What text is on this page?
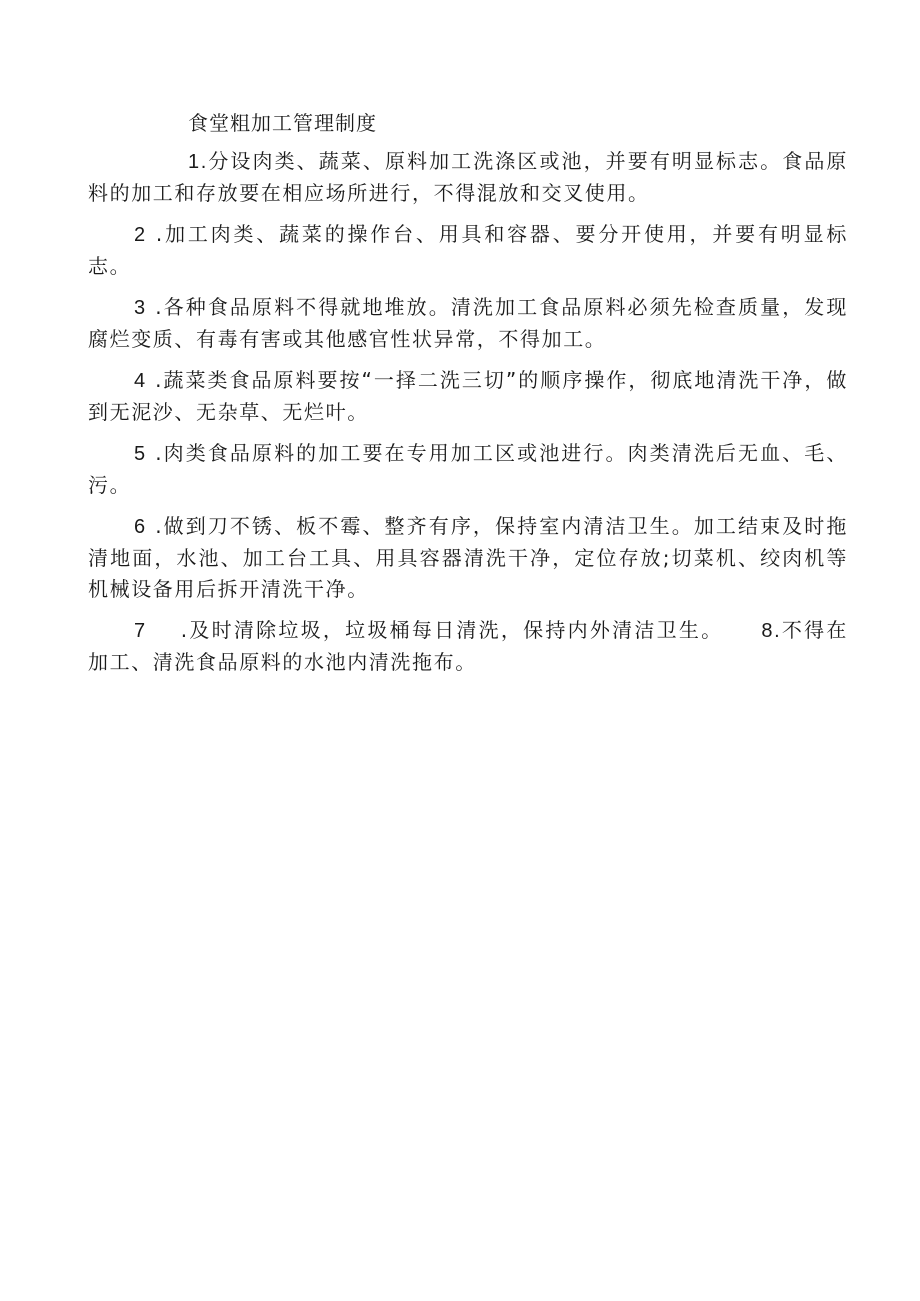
食堂粗加工管理制度

1.分设肉类、蔬菜、原料加工洗涤区或池，并要有明显标志。食品原料的加工和存放要在相应场所进行，不得混放和交叉使用。

2 .加工肉类、蔬菜的操作台、用具和容器、要分开使用，并要有明显标志。

3 .各种食品原料不得就地堆放。清洗加工食品原料必须先检查质量，发现腐烂变质、有毒有害或其他感官性状异常，不得加工。

4 .蔬菜类食品原料要按“一择二洗三切”的顺序操作，彻底地清洗干净，做到无泥沙、无杂草、无烂叶。

5 .肉类食品原料的加工要在专用加工区或池进行。肉类清洗后无血、毛、污。

6 .做到刀不锈、板不霉、整齐有序，保持室内清洁卫生。加工结束及时拖清地面，水池、加工台工具、用具容器清洗干净，定位存放;切菜机、绞肉机等机械设备用后拆开清洗干净。

7 .及时清除垃圾，垃圾桶每日清洗，保持内外清洁卫生。 8.不得在加工、清洗食品原料的水池内清洗拖布。
